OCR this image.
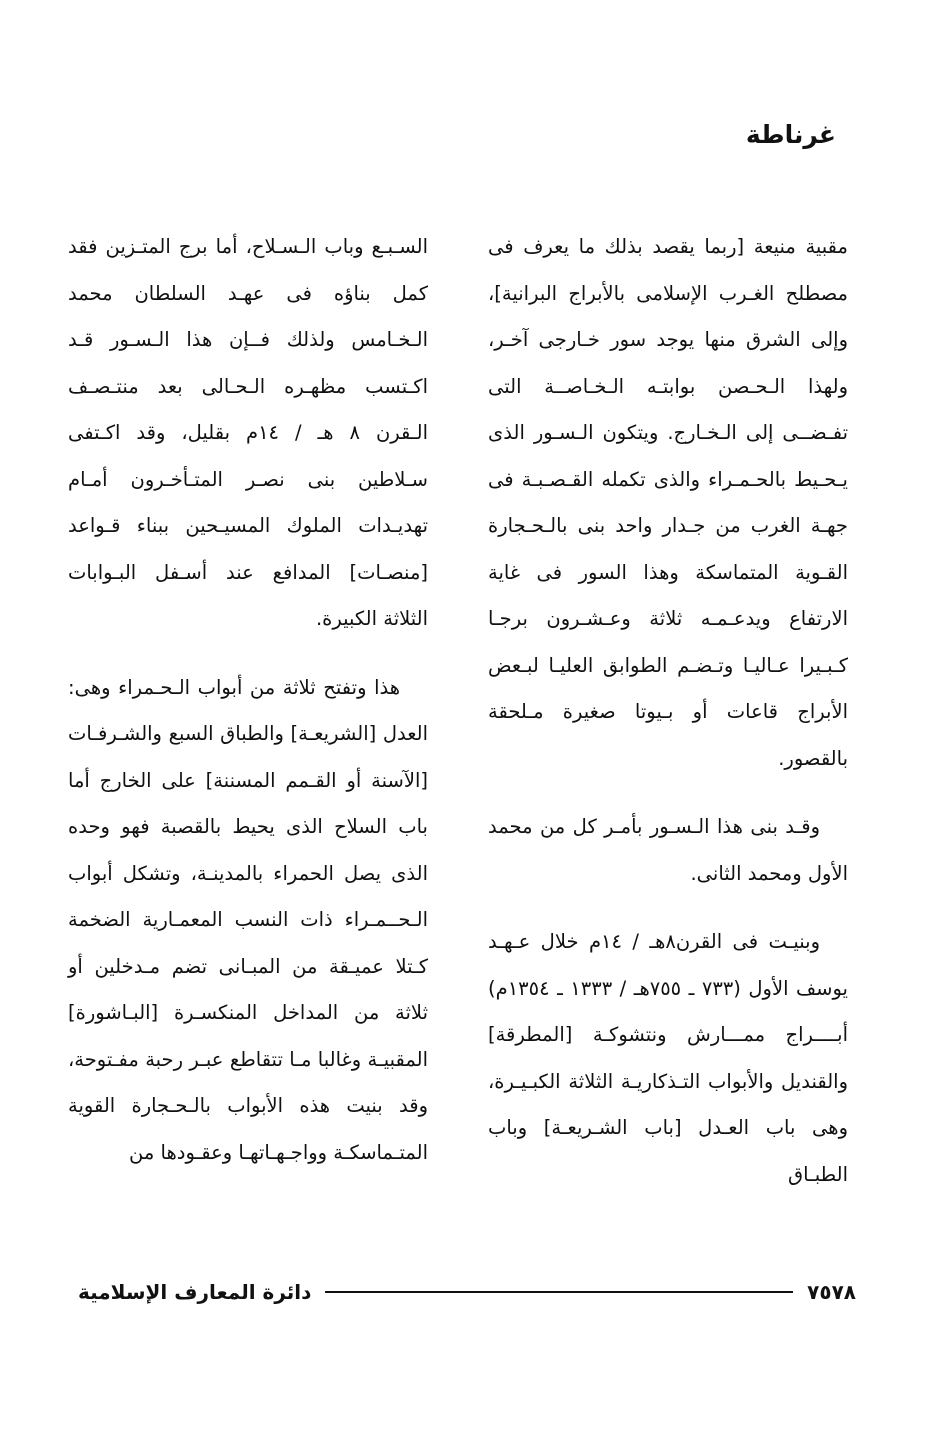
غرناطة

مقبية منيعة [ربما يقصد بذلك ما يعرف فى مصطلح الغـرب الإسلامى بالأبراج البرانية]، وإلى الشرق منها يوجد سور خـارجى آخـر، ولهذا الـحـصن بوابتـه الـخـاصــة التى تفـضــى إلى الـخـارج. ويتكون الـسـور الذى يـحـيط بالحـمـراء والذى تكمله القـصـبـة فى جهـة الغرب من جـدار واحد بنى بالـحـجارة القـوية المتماسكة وهذا السور فى غاية الارتفاع ويدعـمـه ثلاثة وعـشـرون برجـا كـبـيرا عـاليـا وتـضـم الطوابق العليـا لبـعض الأبراج قاعات أو بـيوتا صغيرة مـلحقة بالقصور.

وقـد بنى هذا الـسـور بأمـر كل من محمد الأول ومحمد الثانى.

وبنيـت فى القرن٨هـ / ١٤م خلال عـهـد يوسف الأول (٧٣٣ ـ ٧٥٥هـ / ١٣٣٣ ـ ١٣٥٤م) أبــــراج ممـــارش ونتشوكـة [المطرقة] والقنديل والأبواب التـذكاريـة الثلاثة الكبـيـرة، وهى باب العـدل [باب الشـريعـة] وباب الطبـاق

السـبـع وباب الـسـلاح، أما برج المتـزين فقد كمل بناؤه فى عهـد السلطان محمد الـخـامس ولذلك فــإن هذا الـسـور قـد اكـتسب مظهـره الـحـالى بعد منتـصـف الـقرن ٨ هـ / ١٤م بقليل، وقد اكـتفى سـلاطين بنى نصـر المتـأخـرون أمـام تهديـدات الملوك المسيـحين ببناء قـواعد [منصـات] المدافع عند أسـفل البـوابات الثلاثة الكبيرة.

هذا وتفتح ثلاثة من أبواب الـحـمراء وهى: العدل [الشريعـة] والطباق السبع والشـرفـات [الآسنة أو القـمم المسننة] على الخارج أما باب السلاح الذى يحيط بالقصبة فهو وحده الذى يصل الحمراء بالمدينـة، وتشكل أبواب الـحــمـراء ذات النسب المعمـارية الضخمة كـتلا عميـقة من المبـانى تضم مـدخلين أو ثلاثة من المداخل المنكسـرة [البـاشورة] المقبيـة وغالبا مـا تتقاطع عبـر رحبة مفـتوحة، وقد بنيت هذه الأبواب بالـحـجارة القوية المتـماسكـة وواجـهـاتهـا وعقـودها من

٧٥٧٨
دائرة المعارف الإسلامية
